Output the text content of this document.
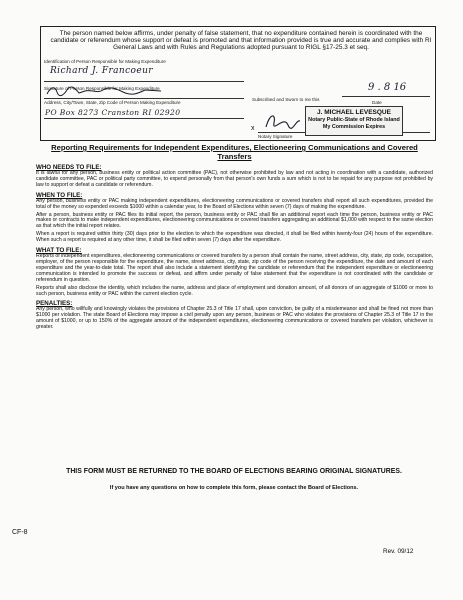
The person named below affirms, under penalty of false statement, that no expenditure contained herein is coordinated with the candidate or referendum whose support or defeat is promoted and that information provided is true and accurate and complies with RI General Laws and with Rules and Regulations adopted pursuant to RIGL §17-25.3 et seq.
Richard J. Francoeur
Identification of Person Responsible for Making Expenditure
Signature of Person Responsible for Making Expenditure
Address, City/Town, State, Zip Code of Person Making Expenditure
PO Box 8273 Cranston RI 02920
9 . 8 16
Subscribed and Sworn to me this
Date
x
Notary Signature
J. MICHAEL LEVESQUE
Notary Public-State of Rhode Island
My Commission Expires
Reporting Requirements for Independent Expenditures, Electioneering Communications and Covered Transfers
WHO NEEDS TO FILE:

It is lawful for any person, business entity or political action committee (PAC), not otherwise prohibited by law and not acting in coordination with a candidate, authorized candidate committee, PAC or political party committee, to expend personally from that person's own funds a sum which is not to be repaid for any purpose not prohibited by law to support or defeat a candidate or referendum.

WHEN TO FILE:

Any person, business entity or PAC making independent expenditures, electioneering communications or covered transfers shall report all such expenditures, provided the total of the money so expended exceeds $1000 within a calendar year, to the Board of Elections within seven (7) days of making the expenditure.

After a person, business entity or PAC files its initial report, the person, business entity or PAC shall file an additional report each time the person, business entity or PAC makes or contracts to make independent expenditures, electioneering communications or covered transfers aggregating an additional $1,000 with respect to the same election as that which the initial report relates.

When a report is required within thirty (30) days prior to the election to which the expenditure was directed, it shall be filed within twenty-four (24) hours of the expenditure. When such a report is required at any other time, it shall be filed within seven (7) days after the expenditure.

WHAT TO FILE:

Reports of independent expenditures, electioneering communications or covered transfers by a person shall contain the name, street address, city, state, zip code, occupation, employer, of the person responsible for the expenditure, the name, street address, city, state, zip code of the person receiving the expenditure, the date and amount of each expenditure and the year-to-date total. The report shall also include a statement identifying the candidate or referendum that the independent expenditure or electioneering communication is intended to promote the success or defeat, and affirm under penalty of false statement that the expenditure is not coordinated with the candidate or referendum in question.

Reports shall also disclose the identity, which includes the name, address and place of employment and donation amount, of all donors of an aggregate of $1000 or more to such person, business entity or PAC within the current election cycle.

PENALTIES:

Any person, who willfully and knowingly violates the provisions of Chapter 25.3 of Title 17 shall, upon conviction, be guilty of a misdemeanor and shall be fined not more than $1000 per violation. The state Board of Elections may impose a civil penalty upon any person, business or PAC who violates the provisions of Chapter 25.3 of Title 17 in the amount of $1000, or up to 150% of the aggregate amount of the independent expenditures, electioneering communications or covered transfers per violation, whichever is greater.

THIS FORM MUST BE RETURNED TO THE BOARD OF ELECTIONS BEARING ORIGINAL SIGNATURES.
If you have any questions on how to complete this form, please contact the Board of Elections.
CF-8
Rev. 09/12
